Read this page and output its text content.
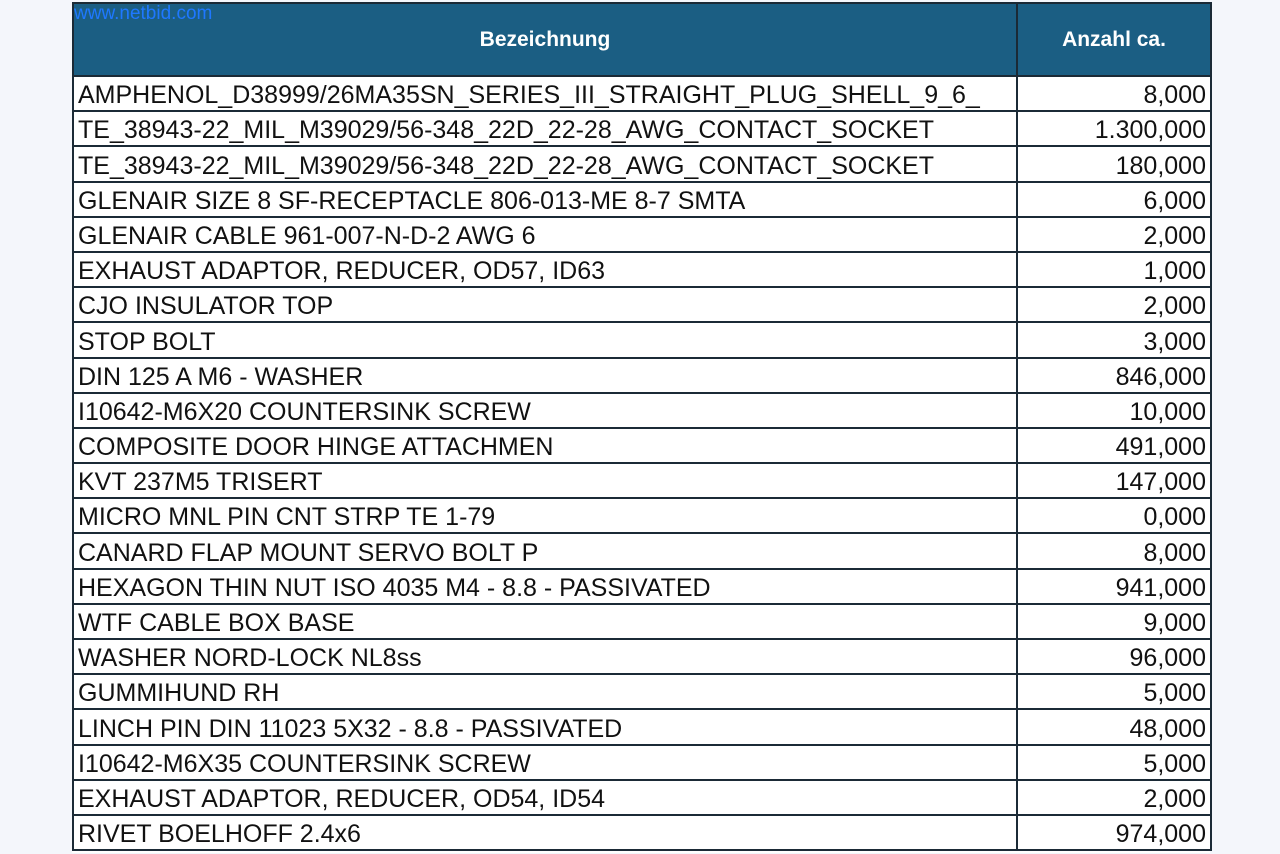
www.netbid.com
Bezeichnung	Anzahl ca.
AMPHENOL_D38999/26MA35SN_SERIES_III_STRAIGHT_PLUG_SHELL_9_6_	8,000
TE_38943-22_MIL_M39029/56-348_22D_22-28_AWG_CONTACT_SOCKET	1.300,000
TE_38943-22_MIL_M39029/56-348_22D_22-28_AWG_CONTACT_SOCKET	180,000
GLENAIR SIZE 8 SF-RECEPTACLE 806-013-ME 8-7 SMTA	6,000
GLENAIR CABLE 961-007-N-D-2 AWG 6	2,000
EXHAUST ADAPTOR, REDUCER, OD57, ID63	1,000
CJO INSULATOR TOP	2,000
STOP BOLT	3,000
DIN 125 A M6 - WASHER	846,000
I10642-M6X20 COUNTERSINK SCREW	10,000
COMPOSITE DOOR HINGE ATTACHMEN	491,000
KVT 237M5 TRISERT	147,000
MICRO MNL PIN CNT STRP TE 1-79	0,000
CANARD FLAP MOUNT SERVO BOLT P	8,000
HEXAGON THIN NUT ISO 4035 M4 - 8.8 - PASSIVATED	941,000
WTF CABLE BOX BASE	9,000
WASHER NORD-LOCK NL8ss	96,000
GUMMIHUND RH	5,000
LINCH PIN DIN 11023 5X32 - 8.8 - PASSIVATED	48,000
I10642-M6X35 COUNTERSINK SCREW	5,000
EXHAUST ADAPTOR, REDUCER, OD54, ID54	2,000
RIVET BOELHOFF 2.4x6	974,000
